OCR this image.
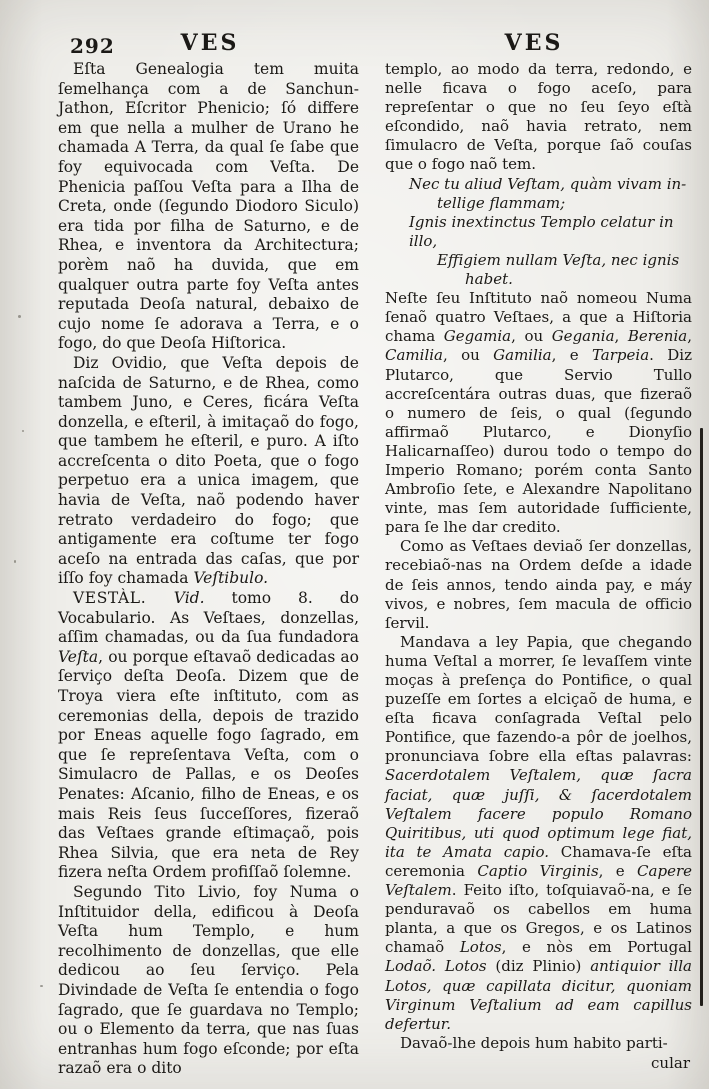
292	VES	VES

Eſta Genealogia tem muita ſemelhança com a de Sanchun-Jathon, Eſcritor Phenicio; ſó differe em que nella a mulher de Urano he chamada A Terra, da qual ſe ſabe que foy equivocada com Veſta. De Phenicia paſſou Veſta para a Ilha de Creta, onde (ſegundo Diodoro Siculo) era tida por filha de Saturno, e de Rhea, e inventora da Architectura; porèm naõ ha duvida, que em qualquer outra parte foy Veſta antes reputada Deoſa natural, debaixo de cujo nome ſe adorava a Terra, e o fogo, do que Deoſa Hiſtorica.

Diz Ovidio, que Veſta depois de naſcida de Saturno, e de Rhea, como tambem Juno, e Ceres, ficára Veſta donzella, e eſteril, à imitaçaõ do fogo, que tambem he eſteril, e puro. A iſto accreſcenta o dito Poeta, que o fogo perpetuo era a unica imagem, que havia de Veſta, naõ podendo haver retrato verdadeiro do fogo; que antigamente era coſtume ter fogo aceſo na entrada das caſas, que por iſſo foy chamada Veſtibulo.

VESTÀL. Vid. tomo 8. do Vocabulario. As Veſtaes, donzellas, aſſim chamadas, ou da ſua fundadora Veſta, ou porque eſtavaõ dedicadas ao ſerviço deſta Deoſa. Dizem que de Troya viera eſte inſtituto, com as ceremonias della, depois de trazido por Eneas aquelle fogo ſagrado, em que ſe repreſentava Veſta, com o Simulacro de Pallas, e os Deoſes Penates: Aſcanio, filho de Eneas, e os mais Reis ſeus ſucceſſores, fizeraõ das Veſtaes grande eſtimaçaõ, pois Rhea Silvia, que era neta de Rey fizera neſta Ordem profiſſaõ ſolemne.

Segundo Tito Livio, foy Numa o Inſtituidor della, edificou à Deoſa Veſta hum Templo, e hum recolhimento de donzellas, que elle dedicou ao ſeu ſerviço. Pela Divindade de Veſta ſe entendia o fogo ſagrado, que ſe guardava no Templo; ou o Elemento da terra, que nas ſuas entranhas hum fogo eſconde; por eſta razaõ era o dito

templo, ao modo da terra, redondo, e nelle ficava o fogo aceſo, para repreſentar o que no ſeu ſeyo eſtà eſcondido, naõ havia retrato, nem ſimulacro de Veſta, porque ſaõ couſas que o fogo naõ tem.

Nec tu aliud Veſtam, quàm vivam in-
tellige flammam;
Ignis inextinctus Templo celatur in illo,
Effigiem nullam Veſta, nec ignis
habet.

Neſte ſeu Inſtituto naõ nomeou Numa ſenaõ quatro Veſtaes, a que a Hiſtoria chama Gegamia, ou Gegania, Berenia, Camilia, ou Gamilia, e Tarpeia. Diz Plutarco, que Servio Tullo accreſcentára outras duas, que fizeraõ o numero de ſeis, o qual (ſegundo affirmaõ Plutarco, e Dionyſio Halicarnaſſeo) durou todo o tempo do Imperio Romano; porém conta Santo Ambroſio ſete, e Alexandre Napolitano vinte, mas ſem autoridade ſufficiente, para ſe lhe dar credito.

Como as Veſtaes deviaõ ſer donzellas, recebiaõ-nas na Ordem deſde a idade de ſeis annos, tendo ainda pay, e máy vivos, e nobres, ſem macula de officio ſervil.

Mandava a ley Papia, que chegando huma Veſtal a morrer, ſe levaſſem vinte moças à preſença do Pontifice, o qual puzeſſe em ſortes a elciçaõ de huma, e eſta ficava conſagrada Veſtal pelo Pontifice, que fazendo-a pôr de joelhos, pronunciava ſobre ella eſtas palavras: Sacerdotalem Veſtalem, quæ ſacra faciat, quæ juſſi, & ſacerdotalem Veſtalem facere populo Romano Quiritibus, uti quod optimum lege fiat, ita te Amata capio. Chamava-ſe eſta ceremonia Captio Virginis, e Capere Veſtalem. Feito iſto, toſquiavaõ-na, e ſe penduravaõ os cabellos em huma planta, a que os Gregos, e os Latinos chamaõ Lotos, e nòs em Portugal Lodaõ. Lotos (diz Plinio) antiquior illa Lotos, quæ capillata dicitur, quoniam Virginum Veſtalium ad eam capillus defertur.

Davaõ-lhe depois hum habito parti-

cular
